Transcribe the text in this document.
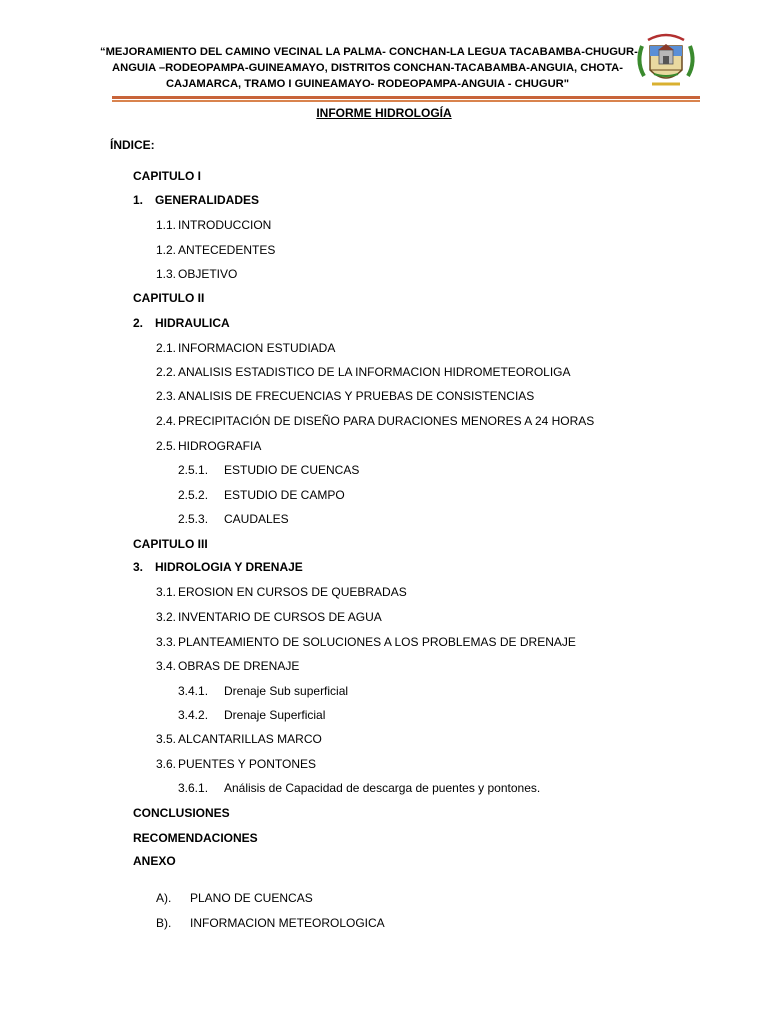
“MEJORAMIENTO DEL CAMINO VECINAL LA PALMA- CONCHAN-LA LEGUA TACABAMBA-CHUGUR-
ANGUIA –RODEOPAMPA-GUINEAMAYO, DISTRITOS CONCHAN-TACABAMBA-ANGUIA, CHOTA-
CAJAMARCA, TRAMO I GUINEAMAYO- RODEOPAMPA-ANGUIA - CHUGUR"
INFORME HIDROLOGÍA
ÍNDICE:
CAPITULO I
1. GENERALIDADES
1.1. INTRODUCCION
1.2. ANTECEDENTES
1.3. OBJETIVO
CAPITULO II
2. HIDRAULICA
2.1. INFORMACION ESTUDIADA
2.2. ANALISIS ESTADISTICO DE LA INFORMACION HIDROMETEOROLIGA
2.3. ANALISIS DE FRECUENCIAS Y PRUEBAS DE CONSISTENCIAS
2.4. PRECIPITACIÓN DE DISEÑO PARA DURACIONES MENORES A 24 HORAS
2.5. HIDROGRAFIA
2.5.1. ESTUDIO DE CUENCAS
2.5.2. ESTUDIO DE CAMPO
2.5.3. CAUDALES
CAPITULO III
3. HIDROLOGIA Y DRENAJE
3.1. EROSION EN CURSOS DE QUEBRADAS
3.2. INVENTARIO DE CURSOS DE AGUA
3.3. PLANTEAMIENTO DE SOLUCIONES A LOS PROBLEMAS DE DRENAJE
3.4. OBRAS DE DRENAJE
3.4.1. Drenaje Sub superficial
3.4.2. Drenaje Superficial
3.5. ALCANTARILLAS MARCO
3.6. PUENTES Y PONTONES
3.6.1. Análisis de Capacidad de descarga de puentes y pontones.
CONCLUSIONES
RECOMENDACIONES
ANEXO
A). PLANO DE CUENCAS
B). INFORMACION METEOROLOGICA
